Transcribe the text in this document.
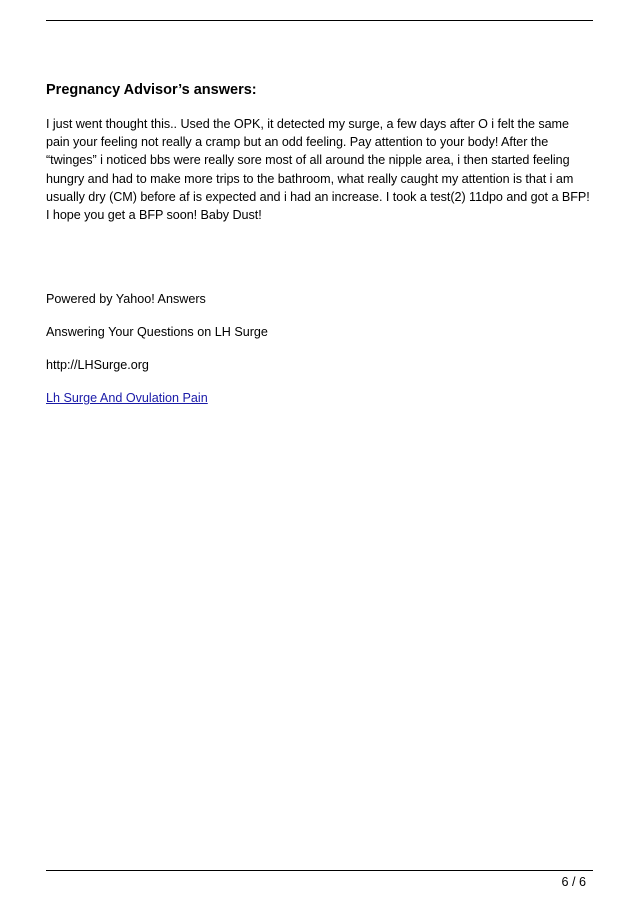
Pregnancy Advisor’s answers:

I just went thought this.. Used the OPK, it detected my surge, a few days after O i felt the same pain your feeling not really a cramp but an odd feeling. Pay attention to your body! After the “twinges” i noticed bbs were really sore most of all around the nipple area, i then started feeling hungry and had to make more trips to the bathroom, what really caught my attention is that i am usually dry (CM) before af is expected and i had an increase. I took a test(2) 11dpo and got a BFP! I hope you get a BFP soon! Baby Dust!

Powered by Yahoo! Answers

Answering Your Questions on LH Surge

http://LHSurge.org

Lh Surge And Ovulation Pain

6 / 6
